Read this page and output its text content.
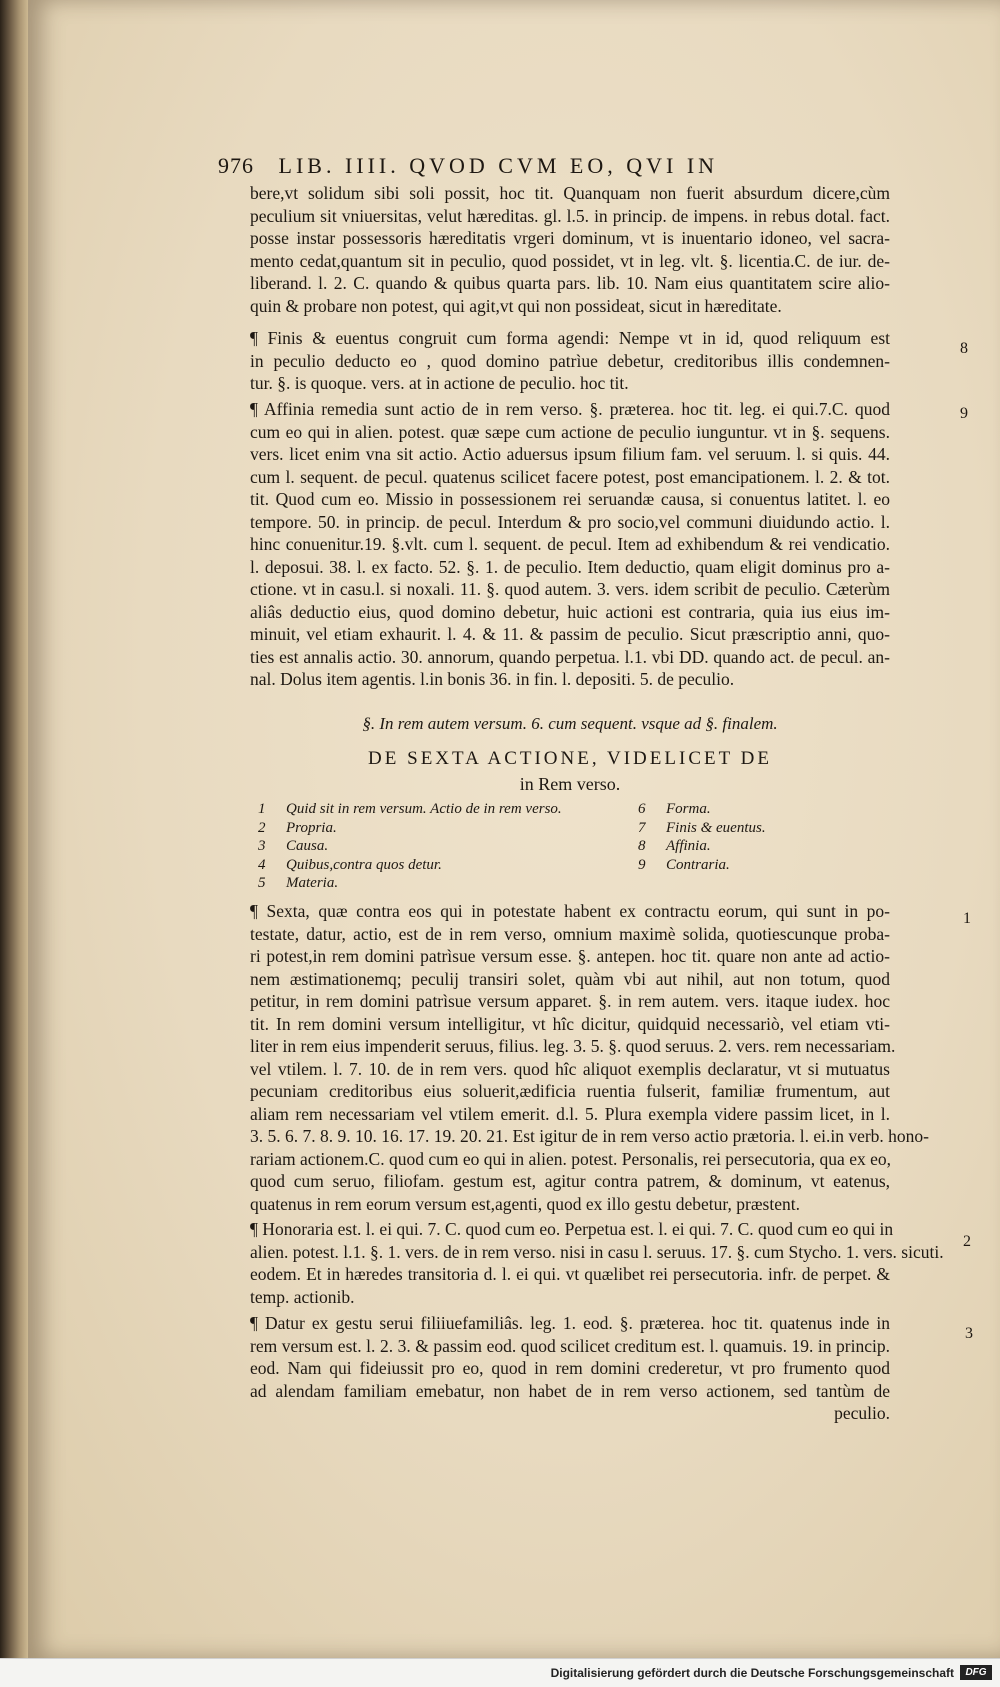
976 LIB. IIII. QVOD CVM EO, QVI IN
bere,vt solidum sibi soli possit, hoc tit. Quanquam non fuerit absurdum dicere,cùm
peculium sit vniuersitas, velut hæreditas. gl. l.5. in princip. de impens. in rebus dotal. fact.
posse instar possessoris hæreditatis vrgeri dominum, vt is inuentario idoneo, vel sacra-
mento cedat,quantum sit in peculio, quod possidet, vt in leg. vlt. §. licentia.C. de iur. de-
liberand. l. 2. C. quando & quibus quarta pars. lib. 10. Nam eius quantitatem scire alio-
quin & probare non potest, qui agit,vt qui non possideat, sicut in hæreditate.
¶ Finis & euentus congruit cum forma agendi: Nempe vt in id, quod reliquum est
in peculio deducto eo , quod domino patrìue debetur, creditoribus illis condemnen-
tur. §. is quoque. vers. at in actione de peculio. hoc tit.
8
¶ Affinia remedia sunt actio de in rem verso. §. præterea. hoc tit. leg. ei qui.7.C. quod
cum eo qui in alien. potest. quæ sæpe cum actione de peculio iunguntur. vt in §. sequens.
vers. licet enim vna sit actio. Actio aduersus ipsum filium fam. vel seruum. l. si quis. 44.
cum l. sequent. de pecul. quatenus scilicet facere potest, post emancipationem. l. 2. & tot.
tit. Quod cum eo. Missio in possessionem rei seruandæ causa, si conuentus latitet. l. eo
tempore. 50. in princip. de pecul. Interdum & pro socio,vel communi diuidundo actio. l.
hinc conuenitur.19. §.vlt. cum l. sequent. de pecul. Item ad exhibendum & rei vendicatio.
l. deposui. 38. l. ex facto. 52. §. 1. de peculio. Item deductio, quam eligit dominus pro a-
ctione. vt in casu.l. si noxali. 11. §. quod autem. 3. vers. idem scribit de peculio. Cæterùm
aliâs deductio eius, quod domino debetur, huic actioni est contraria, quia ius eius im-
minuit, vel etiam exhaurit. l. 4. & 11. & passim de peculio. Sicut præscriptio anni, quo-
ties est annalis actio. 30. annorum, quando perpetua. l.1. vbi DD. quando act. de pecul. an-
nal. Dolus item agentis. l.in bonis 36. in fin. l. depositi. 5. de peculio.
9
§. In rem autem versum. 6. cum sequent. vsque ad §. finalem.
DE SEXTA ACTIONE, VIDELICET DE
in Rem verso.
1 Quid sit in rem versum. Actio de in rem verso.
2 Propria.
3 Causa.
4 Quibus,contra quos detur.
5 Materia.
6 Forma.
7 Finis & euentus.
8 Affinia.
9 Contraria.
¶ Sexta, quæ contra eos qui in potestate habent ex contractu eorum, qui sunt in po-
testate, datur, actio, est de in rem verso, omnium maximè solida, quotiescunque proba-
ri potest,in rem domini patrìsue versum esse. §. antepen. hoc tit. quare non ante ad actio-
nem æstimationemq; peculij transiri solet, quàm vbi aut nihil, aut non totum, quod
petitur, in rem domini patrìsue versum apparet. §. in rem autem. vers. itaque iudex. hoc
tit. In rem domini versum intelligitur, vt hîc dicitur, quidquid necessariò, vel etiam vti-
liter in rem eius impenderit seruus, filius. leg. 3. 5. §. quod seruus. 2. vers. rem necessariam.
vel vtilem. l. 7. 10. de in rem vers. quod hîc aliquot exemplis declaratur, vt si mutuatus
pecuniam creditoribus eius soluerit,ædificia ruentia fulserit, familiæ frumentum, aut
aliam rem necessariam vel vtilem emerit. d.l. 5. Plura exempla videre passim licet, in l.
3. 5. 6. 7. 8. 9. 10. 16. 17. 19. 20. 21. Est igitur de in rem verso actio prætoria. l. ei.in verb. hono-
rariam actionem.C. quod cum eo qui in alien. potest. Personalis, rei persecutoria, qua ex eo,
quod cum seruo, filiofam. gestum est, agitur contra patrem, & dominum, vt eatenus,
quatenus in rem eorum versum est,agenti, quod ex illo gestu debetur, præstent.
1
¶ Honoraria est. l. ei qui. 7. C. quod cum eo. Perpetua est. l. ei qui. 7. C. quod cum eo qui in
alien. potest. l.1. §. 1. vers. de in rem verso. nisi in casu l. seruus. 17. §. cum Stycho. 1. vers. sicuti.
eodem. Et in hæredes transitoria d. l. ei qui. vt quælibet rei persecutoria. infr. de perpet. &
temp. actionib.
2
¶ Datur ex gestu serui filiiuefamiliâs. leg. 1. eod. §. præterea. hoc tit. quatenus inde in
rem versum est. l. 2. 3. & passim eod. quod scilicet creditum est. l. quamuis. 19. in princip.
eod. Nam qui fideiussit pro eo, quod in rem domini crederetur, vt pro frumento quod
ad alendam familiam emebatur, non habet de in rem verso actionem, sed tantùm de
peculio.
3
Digitalisierung gefördert durch die Deutsche Forschungsgemeinschaft	DFG
